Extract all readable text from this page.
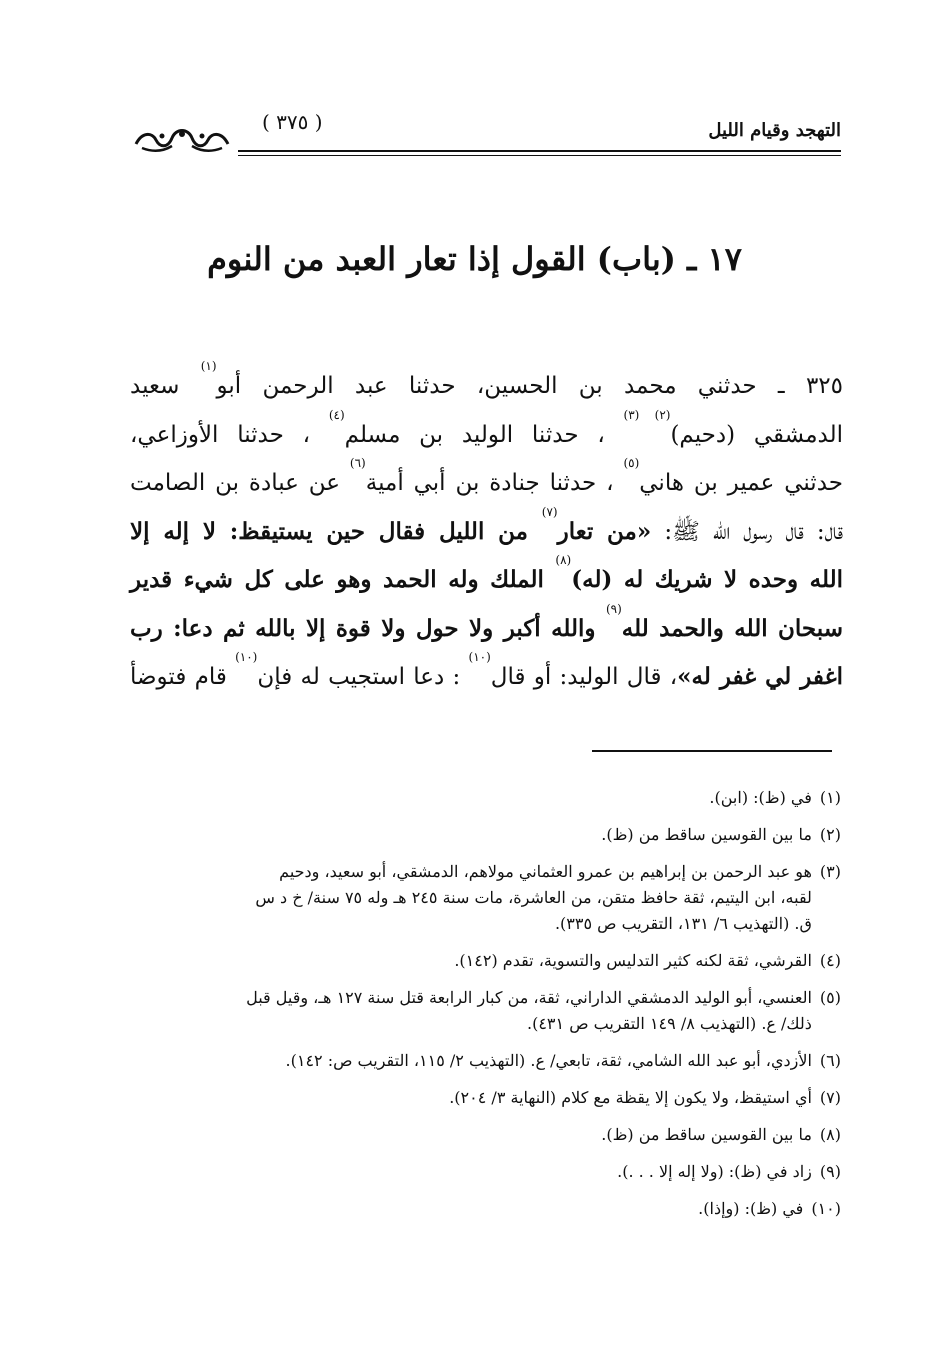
التهجد وقيام الليل
( ٣٧٥ )
١٧ ـ (باب) القول إذا تعار العبد من النوم
٣٢٥ ـ حدثني محمد بن الحسين، حدثنا عبد الرحمن أبو$^{(١)}$ سعيد
الدمشقي (دحيم)$^{(٢) (٣)}$ ، حدثنا الوليد بن مسلم$^{(٤)}$ ، حدثنا الأوزاعي،
حدثني عمير بن هاني$^{(٥)}$ ، حدثنا جنادة بن أبي أمية$^{(٦)}$ عن عبادة بن الصامت
قال: قال رسول الله ﷺ: «من تعار$^{(٧)}$ من الليل فقال حين يستيقظ: لا إله إلا
الله وحده لا شريك له (له)$^{(٨)}$ الملك وله الحمد وهو على كل شيء قدير
سبحان الله والحمد لله$^{(٩)}$ والله أكبر ولا حول ولا قوة إلا بالله ثم دعا: رب
اغفر لي غفر له»، قال الوليد: أو قال$^{(١٠)}$ : دعا استجيب له فإن$^{(١٠)}$ قام فتوضأ
(١)
في (ظ): (ابن).
(٢)
ما بين القوسين ساقط من (ظ).
(٣)
هو عبد الرحمن بن إبراهيم بن عمرو العثماني مولاهم، الدمشقي، أبو سعيد، ودحيم
لقبه، ابن اليتيم، ثقة حافظ متقن، من العاشرة، مات سنة ٢٤٥ هـ وله ٧٥ سنة/ خ د س
ق. (التهذيب ٦/ ١٣١، التقريب ص ٣٣٥).
(٤)
القرشي، ثقة لكنه كثير التدليس والتسوية، تقدم (١٤٢).
(٥)
العنسي، أبو الوليد الدمشقي الداراني، ثقة، من كبار الرابعة قتل سنة ١٢٧ هـ، وقيل قبل
ذلك/ ع. (التهذيب ٨/ ١٤٩ التقريب ص ٤٣١).
(٦)
الأزدي، أبو عبد الله الشامي، ثقة، تابعي/ ع. (التهذيب ٢/ ١١٥، التقريب ص: ١٤٢).
(٧)
أي استيقظ، ولا يكون إلا يقظة مع كلام (النهاية ٣/ ٢٠٤).
(٨)
ما بين القوسين ساقط من (ظ).
(٩)
زاد في (ظ): (ولا إله إلا . . .).
(١٠)
في (ظ): (وإذا).
